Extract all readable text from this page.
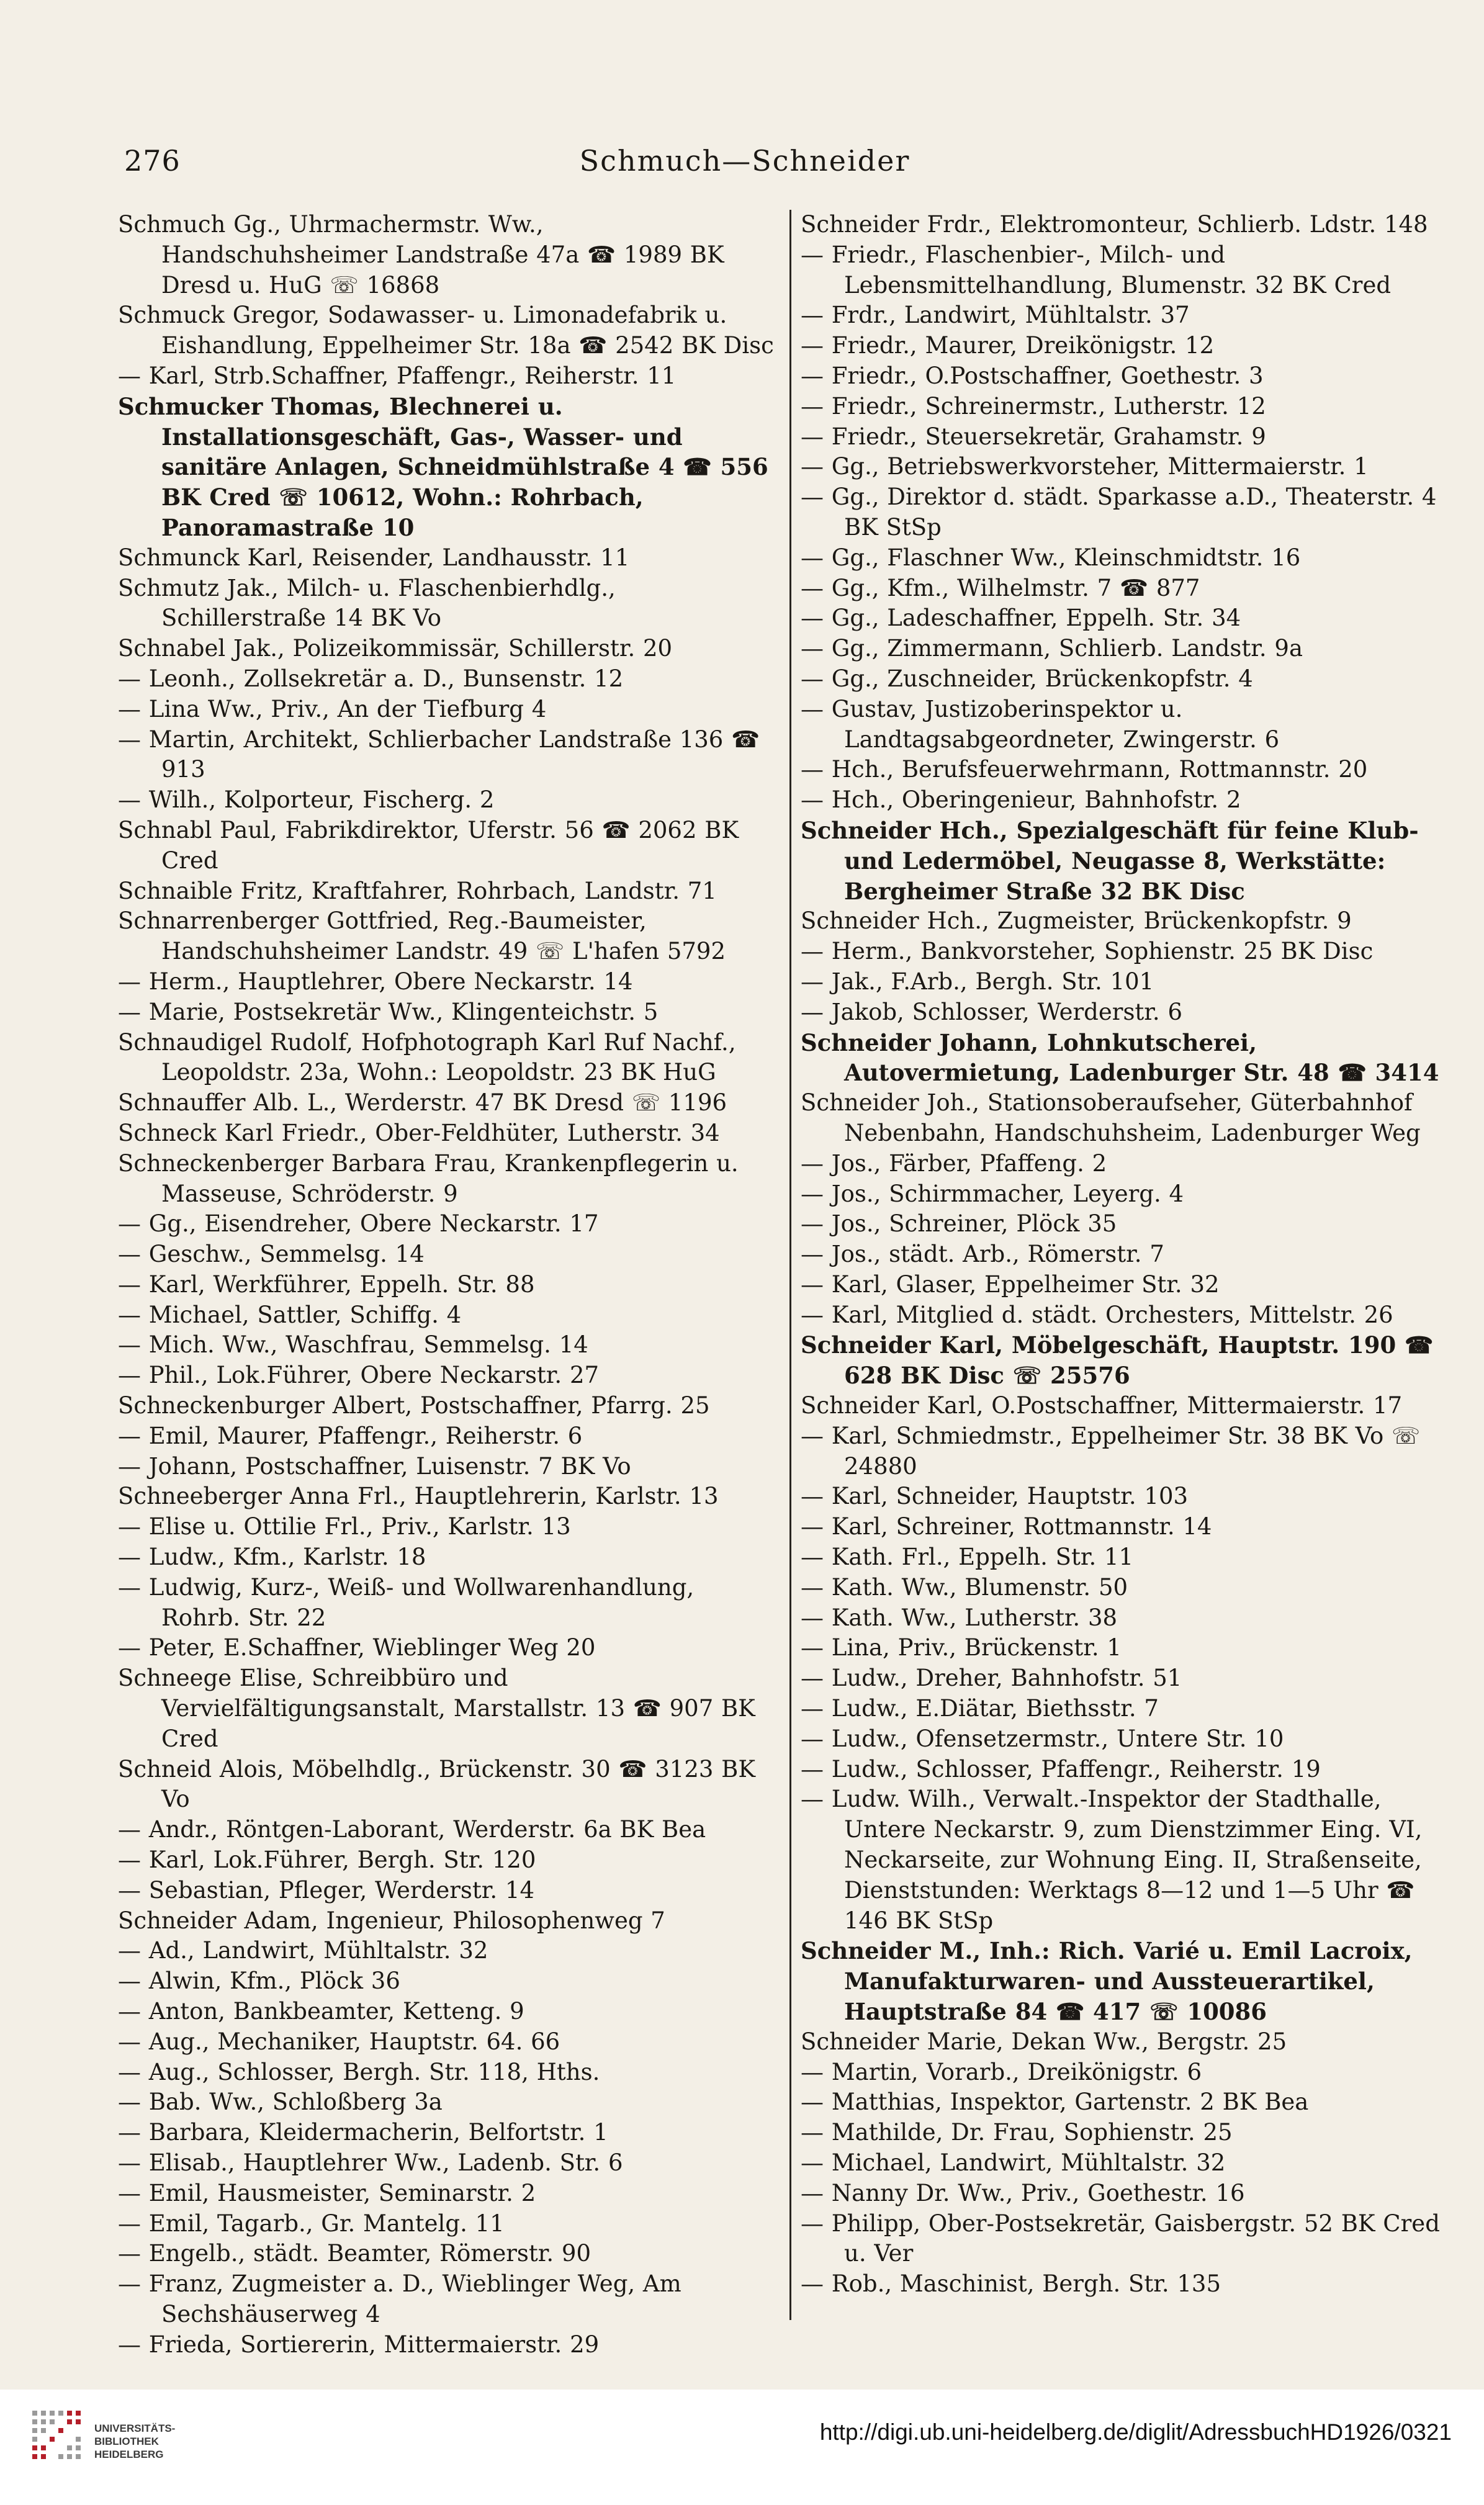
276	Schmuch—Schneider
Schmuch Gg., Uhrmachermstr. Ww., Handschuhsheimer Landstraße 47a ☎ 1989 BK Dresd u. HuG ☏ 16868
Schmuck Gregor, Sodawasser- u. Limonadefabrik u. Eishandlung, Eppelheimer Str. 18a ☎ 2542 BK Disc
— Karl, Strb.Schaffner, Pfaffengr., Reiherstr. 11
Schmucker Thomas, Blechnerei u. Installationsgeschäft, Gas-, Wasser- und sanitäre Anlagen, Schneidmühlstraße 4 ☎ 556 BK Cred ☏ 10612, Wohn.: Rohrbach, Panoramastraße 10
Schmunck Karl, Reisender, Landhausstr. 11
Schmutz Jak., Milch- u. Flaschenbierhdlg., Schillerstraße 14 BK Vo
Schnabel Jak., Polizeikommissär, Schillerstr. 20
— Leonh., Zollsekretär a. D., Bunsenstr. 12
— Lina Ww., Priv., An der Tiefburg 4
— Martin, Architekt, Schlierbacher Landstraße 136 ☎ 913
— Wilh., Kolporteur, Fischerg. 2
Schnabl Paul, Fabrikdirektor, Uferstr. 56 ☎ 2062 BK Cred
Schnaible Fritz, Kraftfahrer, Rohrbach, Landstr. 71
Schnarrenberger Gottfried, Reg.-Baumeister, Handschuhsheimer Landstr. 49 ☏ L'hafen 5792
— Herm., Hauptlehrer, Obere Neckarstr. 14
— Marie, Postsekretär Ww., Klingenteichstr. 5
Schnaudigel Rudolf, Hofphotograph Karl Ruf Nachf., Leopoldstr. 23a, Wohn.: Leopoldstr. 23 BK HuG
Schnauffer Alb. L., Werderstr. 47 BK Dresd ☏ 1196
Schneck Karl Friedr., Ober-Feldhüter, Lutherstr. 34
Schneckenberger Barbara Frau, Krankenpflegerin u. Masseuse, Schröderstr. 9
— Gg., Eisendreher, Obere Neckarstr. 17
— Geschw., Semmelsg. 14
— Karl, Werkführer, Eppelh. Str. 88
— Michael, Sattler, Schiffg. 4
— Mich. Ww., Waschfrau, Semmelsg. 14
— Phil., Lok.Führer, Obere Neckarstr. 27
Schneckenburger Albert, Postschaffner, Pfarrg. 25
— Emil, Maurer, Pfaffengr., Reiherstr. 6
— Johann, Postschaffner, Luisenstr. 7 BK Vo
Schneeberger Anna Frl., Hauptlehrerin, Karlstr. 13
— Elise u. Ottilie Frl., Priv., Karlstr. 13
— Ludw., Kfm., Karlstr. 18
— Ludwig, Kurz-, Weiß- und Wollwarenhandlung, Rohrb. Str. 22
— Peter, E.Schaffner, Wieblinger Weg 20
Schneege Elise, Schreibbüro und Vervielfältigungsanstalt, Marstallstr. 13 ☎ 907 BK Cred
Schneid Alois, Möbelhdlg., Brückenstr. 30 ☎ 3123 BK Vo
— Andr., Röntgen-Laborant, Werderstr. 6a BK Bea
— Karl, Lok.Führer, Bergh. Str. 120
— Sebastian, Pfleger, Werderstr. 14
Schneider Adam, Ingenieur, Philosophenweg 7
— Ad., Landwirt, Mühltalstr. 32
— Alwin, Kfm., Plöck 36
— Anton, Bankbeamter, Ketteng. 9
— Aug., Mechaniker, Hauptstr. 64. 66
— Aug., Schlosser, Bergh. Str. 118, Hths.
— Bab. Ww., Schloßberg 3a
— Barbara, Kleidermacherin, Belfortstr. 1
— Elisab., Hauptlehrer Ww., Ladenb. Str. 6
— Emil, Hausmeister, Seminarstr. 2
— Emil, Tagarb., Gr. Mantelg. 11
— Engelb., städt. Beamter, Römerstr. 90
— Franz, Zugmeister a. D., Wieblinger Weg, Am Sechshäuserweg 4
— Frieda, Sortiererin, Mittermaierstr. 29
Schneider Frdr., Elektromonteur, Schlierb. Ldstr. 148
— Friedr., Flaschenbier-, Milch- und Lebensmittelhandlung, Blumenstr. 32 BK Cred
— Frdr., Landwirt, Mühltalstr. 37
— Friedr., Maurer, Dreikönigstr. 12
— Friedr., O.Postschaffner, Goethestr. 3
— Friedr., Schreinermstr., Lutherstr. 12
— Friedr., Steuersekretär, Grahamstr. 9
— Gg., Betriebswerkvorsteher, Mittermaierstr. 1
— Gg., Direktor d. städt. Sparkasse a.D., Theaterstr. 4 BK StSp
— Gg., Flaschner Ww., Kleinschmidtstr. 16
— Gg., Kfm., Wilhelmstr. 7 ☎ 877
— Gg., Ladeschaffner, Eppelh. Str. 34
— Gg., Zimmermann, Schlierb. Landstr. 9a
— Gg., Zuschneider, Brückenkopfstr. 4
— Gustav, Justizoberinspektor u. Landtagsabgeordneter, Zwingerstr. 6
— Hch., Berufsfeuerwehrmann, Rottmannstr. 20
— Hch., Oberingenieur, Bahnhofstr. 2
Schneider Hch., Spezialgeschäft für feine Klub- und Ledermöbel, Neugasse 8, Werkstätte: Bergheimer Straße 32 BK Disc
Schneider Hch., Zugmeister, Brückenkopfstr. 9
— Herm., Bankvorsteher, Sophienstr. 25 BK Disc
— Jak., F.Arb., Bergh. Str. 101
— Jakob, Schlosser, Werderstr. 6
Schneider Johann, Lohnkutscherei, Autovermietung, Ladenburger Str. 48 ☎ 3414
Schneider Joh., Stationsoberaufseher, Güterbahnhof Nebenbahn, Handschuhsheim, Ladenburger Weg
— Jos., Färber, Pfaffeng. 2
— Jos., Schirmmacher, Leyerg. 4
— Jos., Schreiner, Plöck 35
— Jos., städt. Arb., Römerstr. 7
— Karl, Glaser, Eppelheimer Str. 32
— Karl, Mitglied d. städt. Orchesters, Mittelstr. 26
Schneider Karl, Möbelgeschäft, Hauptstr. 190 ☎ 628 BK Disc ☏ 25576
Schneider Karl, O.Postschaffner, Mittermaierstr. 17
— Karl, Schmiedmstr., Eppelheimer Str. 38 BK Vo ☏ 24880
— Karl, Schneider, Hauptstr. 103
— Karl, Schreiner, Rottmannstr. 14
— Kath. Frl., Eppelh. Str. 11
— Kath. Ww., Blumenstr. 50
— Kath. Ww., Lutherstr. 38
— Lina, Priv., Brückenstr. 1
— Ludw., Dreher, Bahnhofstr. 51
— Ludw., E.Diätar, Biethsstr. 7
— Ludw., Ofensetzermstr., Untere Str. 10
— Ludw., Schlosser, Pfaffengr., Reiherstr. 19
— Ludw. Wilh., Verwalt.-Inspektor der Stadthalle, Untere Neckarstr. 9, zum Dienstzimmer Eing. VI, Neckarseite, zur Wohnung Eing. II, Straßenseite, Dienststunden: Werktags 8—12 und 1—5 Uhr ☎ 146 BK StSp
Schneider M., Inh.: Rich. Varié u. Emil Lacroix, Manufakturwaren- und Aussteuerartikel, Hauptstraße 84 ☎ 417 ☏ 10086
Schneider Marie, Dekan Ww., Bergstr. 25
— Martin, Vorarb., Dreikönigstr. 6
— Matthias, Inspektor, Gartenstr. 2 BK Bea
— Mathilde, Dr. Frau, Sophienstr. 25
— Michael, Landwirt, Mühltalstr. 32
— Nanny Dr. Ww., Priv., Goethestr. 16
— Philipp, Ober-Postsekretär, Gaisbergstr. 52 BK Cred u. Ver
— Rob., Maschinist, Bergh. Str. 135
UNIVERSITÄTS-
BIBLIOTHEK
HEIDELBERG
http://digi.ub.uni-heidelberg.de/diglit/AdressbuchHD1926/0321
